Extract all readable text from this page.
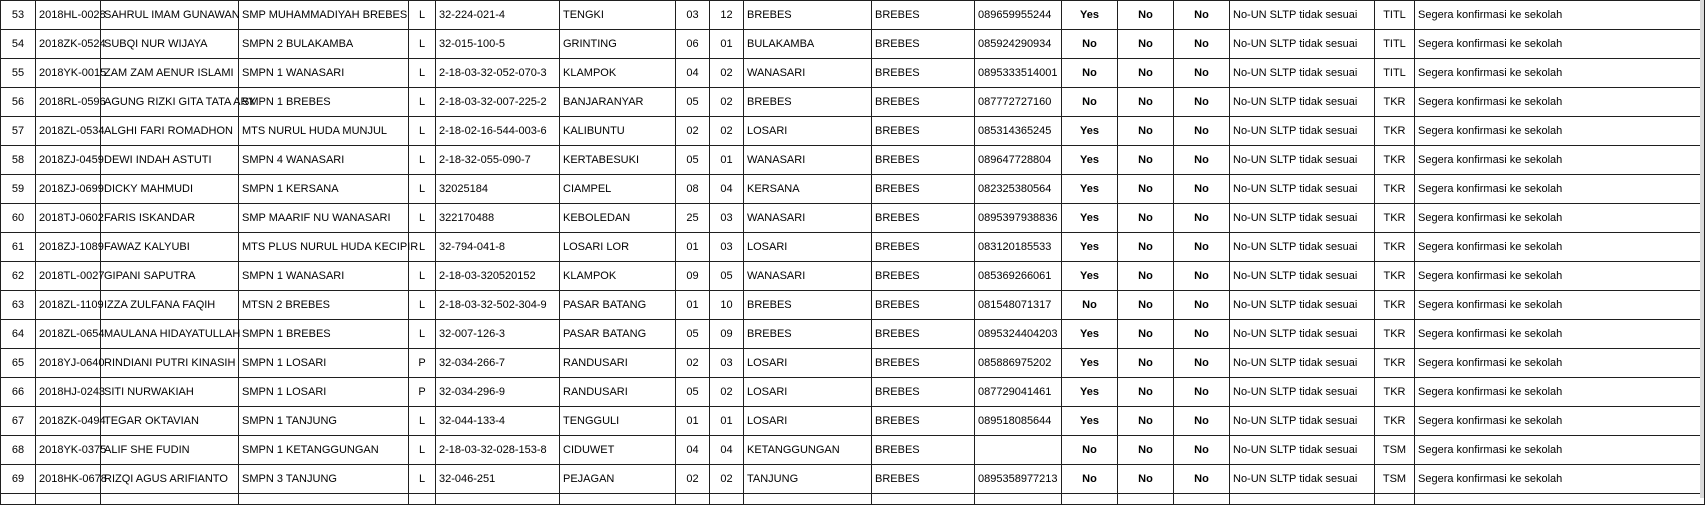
53	2018HL-0028	SAHRUL IMAM GUNAWAN	SMP MUHAMMADIYAH BREBES	L	32-224-021-4	TENGKI	03	12	BREBES	BREBES	089659955244	Yes	No	No	No-UN SLTP tidak sesuai	TITL	Segera konfirmasi ke sekolah
54	2018ZK-0524	SUBQI NUR WIJAYA	SMPN 2 BULAKAMBA	L	32-015-100-5	GRINTING	06	01	BULAKAMBA	BREBES	085924290934	No	No	No	No-UN SLTP tidak sesuai	TITL	Segera konfirmasi ke sekolah
55	2018YK-0015	ZAM ZAM AENUR ISLAMI	SMPN 1 WANASARI	L	2-18-03-32-052-070-3	KLAMPOK	04	02	WANASARI	BREBES	0895333514001	No	No	No	No-UN SLTP tidak sesuai	TITL	Segera konfirmasi ke sekolah
56	2018RL-0596	AGUNG RIZKI GITA TATA ARY	SMPN 1 BREBES	L	2-18-03-32-007-225-2	BANJARANYAR	05	02	BREBES	BREBES	087772727160	No	No	No	No-UN SLTP tidak sesuai	TKR	Segera konfirmasi ke sekolah
57	2018ZL-0534	ALGHI FARI ROMADHON	MTS NURUL HUDA MUNJUL	L	2-18-02-16-544-003-6	KALIBUNTU	02	02	LOSARI	BREBES	085314365245	Yes	No	No	No-UN SLTP tidak sesuai	TKR	Segera konfirmasi ke sekolah
58	2018ZJ-0459	DEWI INDAH ASTUTI	SMPN 4 WANASARI	L	2-18-32-055-090-7	KERTABESUKI	05	01	WANASARI	BREBES	089647728804	Yes	No	No	No-UN SLTP tidak sesuai	TKR	Segera konfirmasi ke sekolah
59	2018ZJ-0699	DICKY MAHMUDI	SMPN 1 KERSANA	L	32025184	CIAMPEL	08	04	KERSANA	BREBES	082325380564	Yes	No	No	No-UN SLTP tidak sesuai	TKR	Segera konfirmasi ke sekolah
60	2018TJ-0602	FARIS ISKANDAR	SMP MAARIF NU WANASARI	L	322170488	KEBOLEDAN	25	03	WANASARI	BREBES	0895397938836	Yes	No	No	No-UN SLTP tidak sesuai	TKR	Segera konfirmasi ke sekolah
61	2018ZJ-1089	FAWAZ KALYUBI	MTS PLUS NURUL HUDA KECIPIR	L	32-794-041-8	LOSARI LOR	01	03	LOSARI	BREBES	083120185533	Yes	No	No	No-UN SLTP tidak sesuai	TKR	Segera konfirmasi ke sekolah
62	2018TL-0027	GIPANI SAPUTRA	SMPN 1 WANASARI	L	2-18-03-320520152	KLAMPOK	09	05	WANASARI	BREBES	085369266061	Yes	No	No	No-UN SLTP tidak sesuai	TKR	Segera konfirmasi ke sekolah
63	2018ZL-1109	IZZA ZULFANA FAQIH	MTSN 2 BREBES	L	2-18-03-32-502-304-9	PASAR BATANG	01	10	BREBES	BREBES	081548071317	No	No	No	No-UN SLTP tidak sesuai	TKR	Segera konfirmasi ke sekolah
64	2018ZL-0654	MAULANA HIDAYATULLAH	SMPN 1 BREBES	L	32-007-126-3	PASAR BATANG	05	09	BREBES	BREBES	0895324404203	Yes	No	No	No-UN SLTP tidak sesuai	TKR	Segera konfirmasi ke sekolah
65	2018YJ-0640	RINDIANI PUTRI KINASIH	SMPN 1 LOSARI	P	32-034-266-7	RANDUSARI	02	03	LOSARI	BREBES	085886975202	Yes	No	No	No-UN SLTP tidak sesuai	TKR	Segera konfirmasi ke sekolah
66	2018HJ-0243	SITI NURWAKIAH	SMPN 1 LOSARI	P	32-034-296-9	RANDUSARI	05	02	LOSARI	BREBES	087729041461	Yes	No	No	No-UN SLTP tidak sesuai	TKR	Segera konfirmasi ke sekolah
67	2018ZK-0494	TEGAR OKTAVIAN	SMPN 1 TANJUNG	L	32-044-133-4	TENGGULI	01	01	LOSARI	BREBES	089518085644	Yes	No	No	No-UN SLTP tidak sesuai	TKR	Segera konfirmasi ke sekolah
68	2018YK-0375	ALIF SHE FUDIN	SMPN 1 KETANGGUNGAN	L	2-18-03-32-028-153-8	CIDUWET	04	04	KETANGGUNGAN	BREBES		No	No	No	No-UN SLTP tidak sesuai	TSM	Segera konfirmasi ke sekolah
69	2018HK-0678	RIZQI AGUS ARIFIANTO	SMPN 3 TANJUNG	L	32-046-251	PEJAGAN	02	02	TANJUNG	BREBES	0895358977213	No	No	No	No-UN SLTP tidak sesuai	TSM	Segera konfirmasi ke sekolah
